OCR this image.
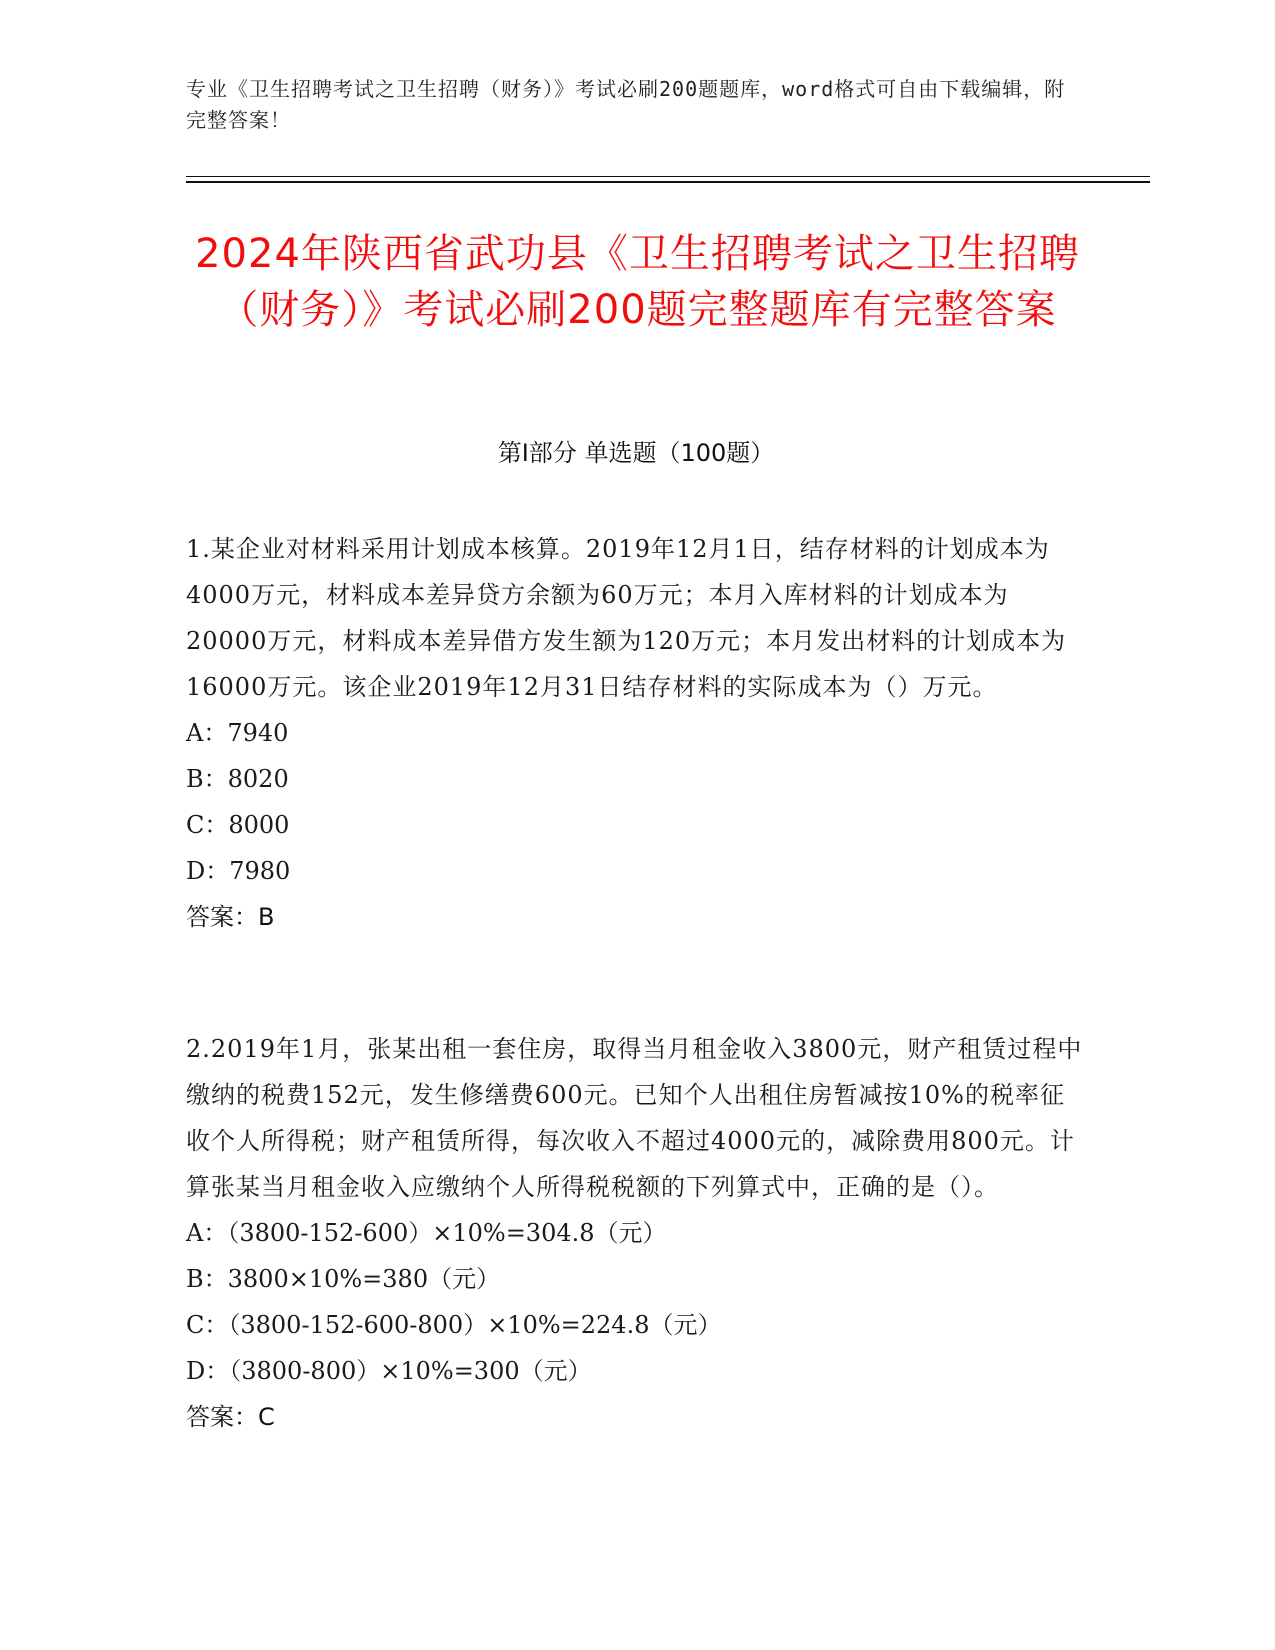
专业《卫生招聘考试之卫生招聘（财务）》考试必刷200题题库，word格式可自由下载编辑，附完整答案！
2024年陕西省武功县《卫生招聘考试之卫生招聘（财务）》考试必刷200题完整题库有完整答案
第I部分 单选题（100题）

1.某企业对材料采用计划成本核算。2019年12月1日，结存材料的计划成本为4000万元，材料成本差异贷方余额为60万元；本月入库材料的计划成本为20000万元，材料成本差异借方发生额为120万元；本月发出材料的计划成本为16000万元。该企业2019年12月31日结存材料的实际成本为（）万元。

A：7940

B：8020

C：8000

D：7980

答案：B

2.2019年1月，张某出租一套住房，取得当月租金收入3800元，财产租赁过程中缴纳的税费152元，发生修缮费600元。已知个人出租住房暂减按10%的税率征收个人所得税；财产租赁所得，每次收入不超过4000元的，减除费用800元。计算张某当月租金收入应缴纳个人所得税税额的下列算式中，正确的是（）。

A：（3800-152-600）×10%=304.8（元）

B：3800×10%=380（元）

C：（3800-152-600-800）×10%=224.8（元）

D：（3800-800）×10%=300（元）

答案：C
